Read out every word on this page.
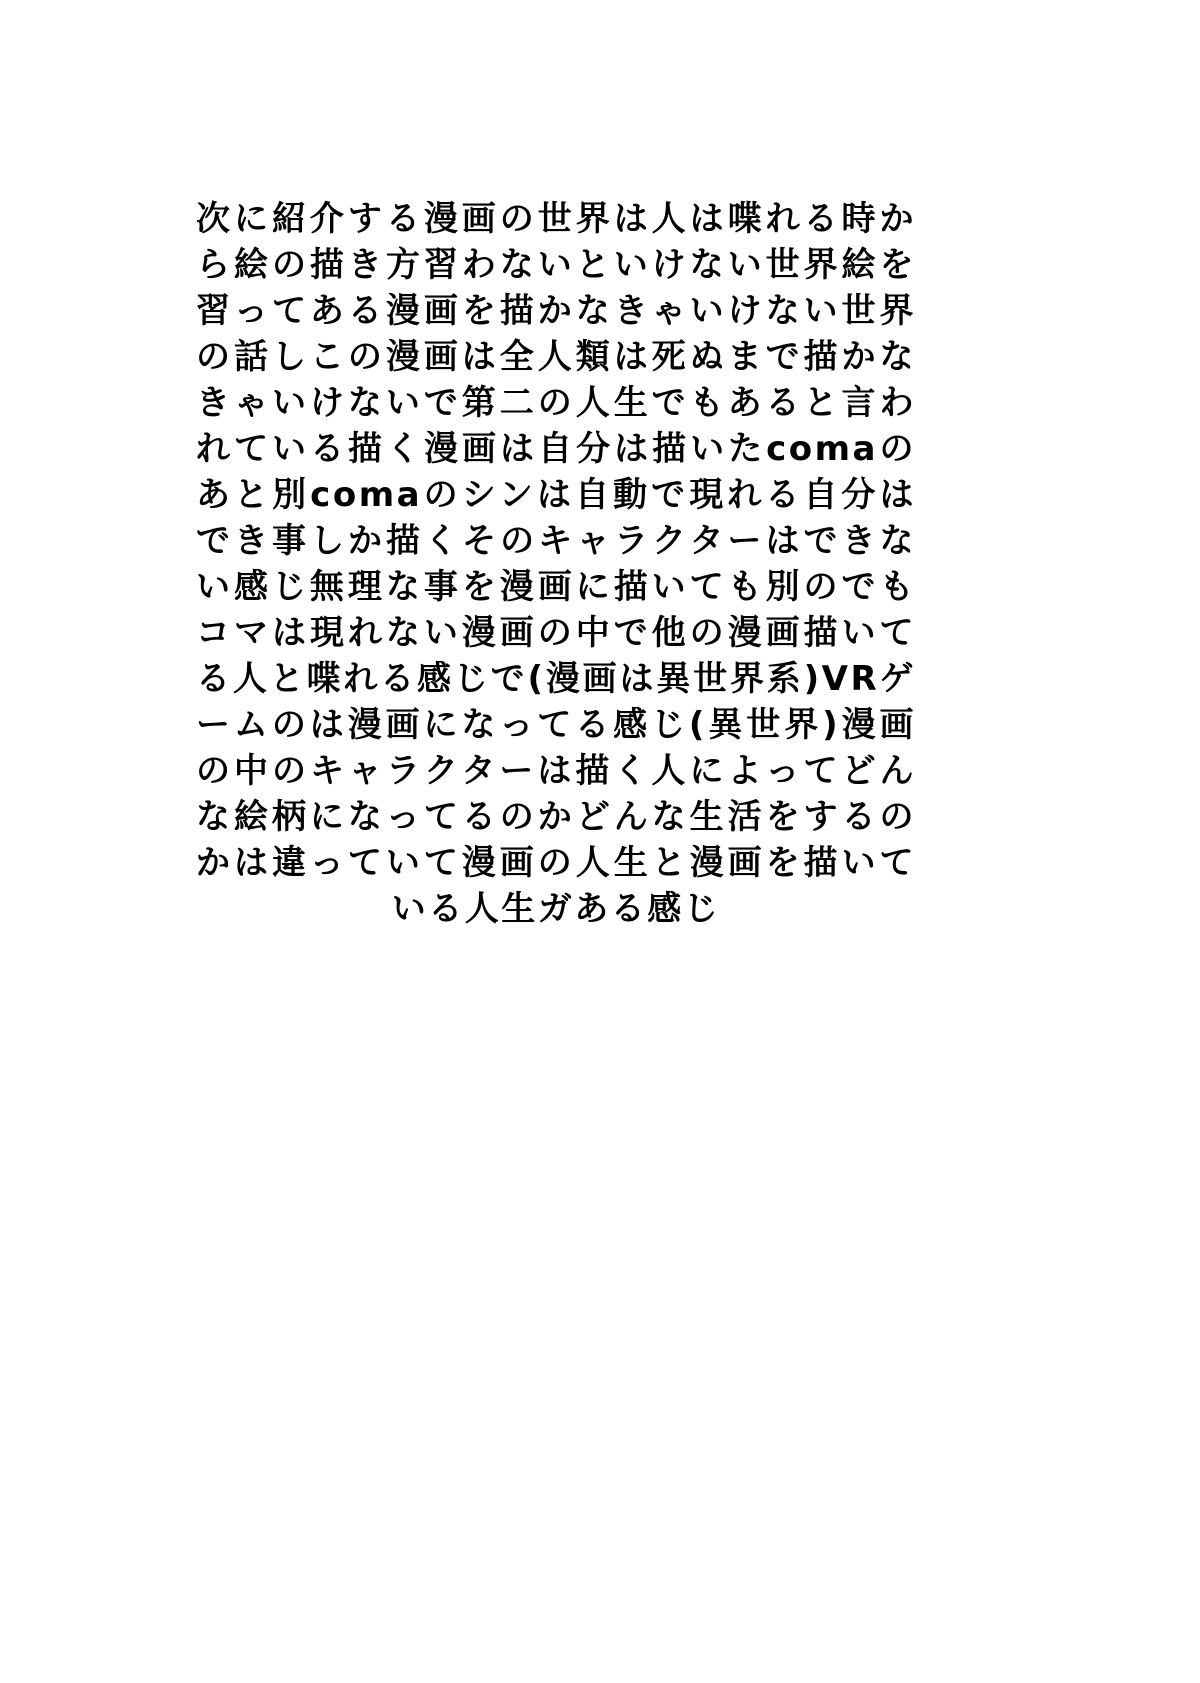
次に紹介する漫画の世界は人は喋れる時から絵の描き方習わないといけない世界絵を習ってある漫画を描かなきゃいけない世界の話しこの漫画は全人類は死ぬまで描かなきゃいけないで第二の人生でもあると言われている描く漫画は自分は描いたcomaのあと別comaのシンは自動で現れる自分はでき事しか描くそのキャラクターはできない感じ無理な事を漫画に描いても別のでもコマは現れない漫画の中で他の漫画描いてる人と喋れる感じで(漫画は異世界系)VRゲームのは漫画になってる感じ(異世界)漫画の中のキャラクターは描く人によってどんな絵柄になってるのかどんな生活をするのかは違っていて漫画の人生と漫画を描いている人生ガある感じ
